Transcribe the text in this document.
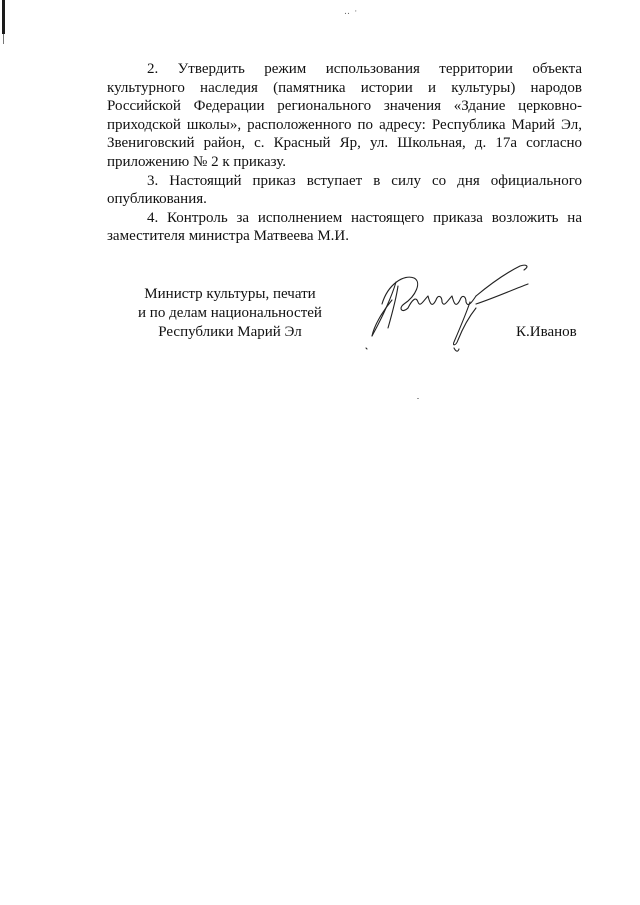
‥ ·

2. Утвердить режим использования территории объекта культурного наследия (памятника истории и культуры) народов Российской Федерации регионального значения «Здание церковно-приходской школы», расположенного по адресу: Республика Марий Эл, Звениговский район, с. Красный Яр, ул. Школьная, д. 17а согласно приложению № 2 к приказу.

3. Настоящий приказ вступает в силу со дня официального опубликования.

4. Контроль за исполнением настоящего приказа возложить на заместителя министра Матвеева М.И.

Министр культуры, печати
и по делам национальностей
Республики Марий Эл	К.Иванов
